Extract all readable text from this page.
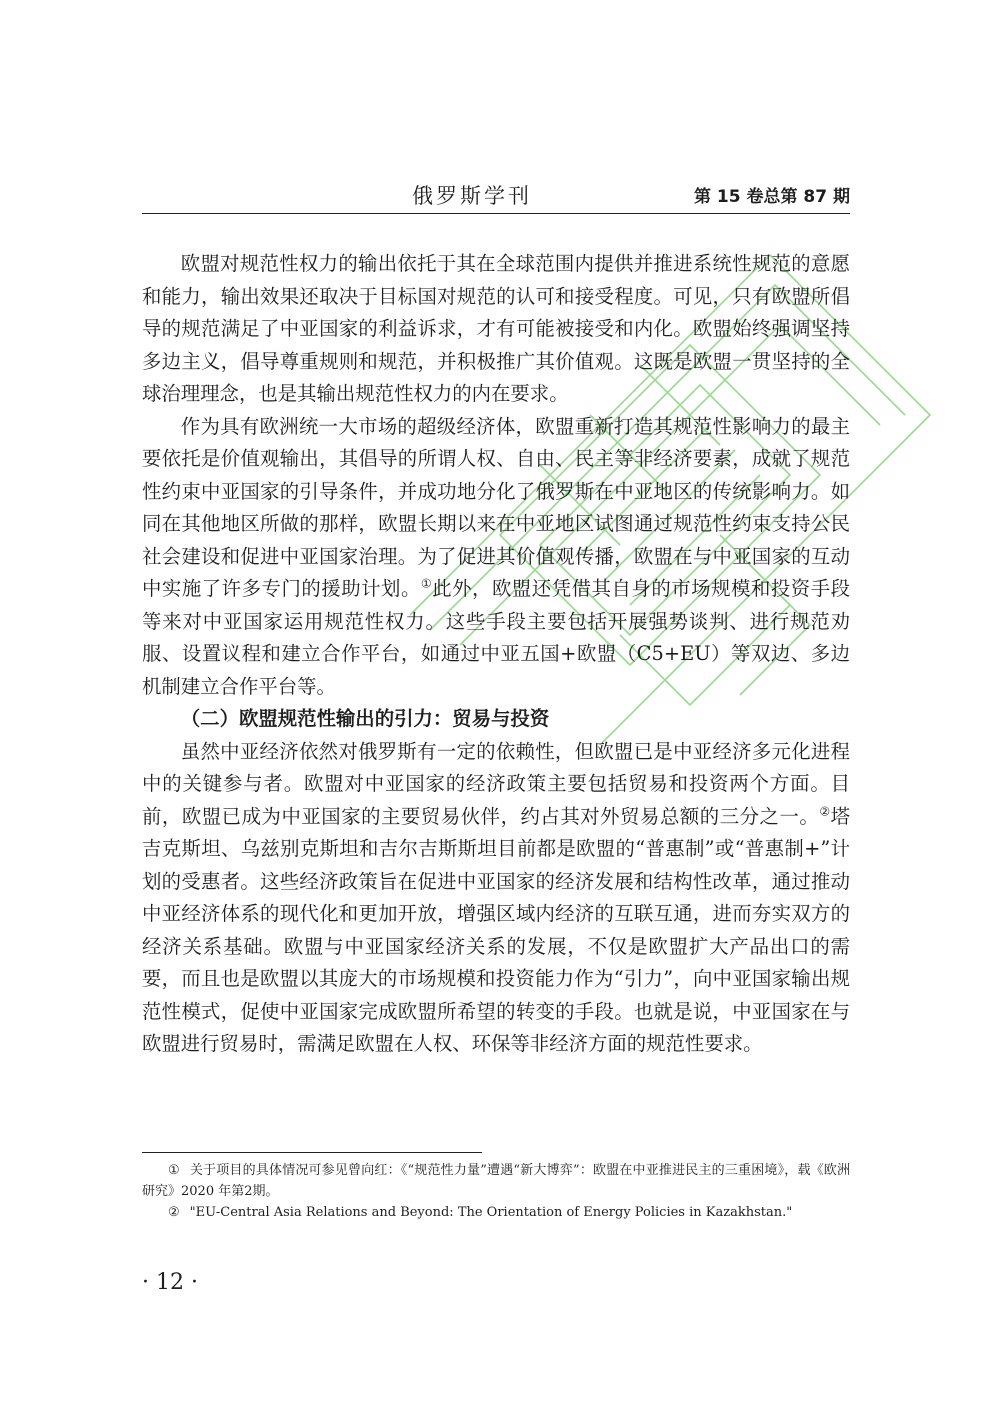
俄罗斯学刊	第 15 卷总第 87 期

欧盟对规范性权力的输出依托于其在全球范围内提供并推进系统性规范的意愿和能力，输出效果还取决于目标国对规范的认可和接受程度。可见，只有欧盟所倡导的规范满足了中亚国家的利益诉求，才有可能被接受和内化。欧盟始终强调坚持多边主义，倡导尊重规则和规范，并积极推广其价值观。这既是欧盟一贯坚持的全球治理理念，也是其输出规范性权力的内在要求。

作为具有欧洲统一大市场的超级经济体，欧盟重新打造其规范性影响力的最主要依托是价值观输出，其倡导的所谓人权、自由、民主等非经济要素，成就了规范性约束中亚国家的引导条件，并成功地分化了俄罗斯在中亚地区的传统影响力。如同在其他地区所做的那样，欧盟长期以来在中亚地区试图通过规范性约束支持公民社会建设和促进中亚国家治理。为了促进其价值观传播，欧盟在与中亚国家的互动中实施了许多专门的援助计划。①此外，欧盟还凭借其自身的市场规模和投资手段等来对中亚国家运用规范性权力。这些手段主要包括开展强势谈判、进行规范劝服、设置议程和建立合作平台，如通过中亚五国+欧盟（C5+EU）等双边、多边机制建立合作平台等。

（二）欧盟规范性输出的引力：贸易与投资

虽然中亚经济依然对俄罗斯有一定的依赖性，但欧盟已是中亚经济多元化进程中的关键参与者。欧盟对中亚国家的经济政策主要包括贸易和投资两个方面。目前，欧盟已成为中亚国家的主要贸易伙伴，约占其对外贸易总额的三分之一。②塔吉克斯坦、乌兹别克斯坦和吉尔吉斯斯坦目前都是欧盟的“普惠制”或“普惠制+”计划的受惠者。这些经济政策旨在促进中亚国家的经济发展和结构性改革，通过推动中亚经济体系的现代化和更加开放，增强区域内经济的互联互通，进而夯实双方的经济关系基础。欧盟与中亚国家经济关系的发展，不仅是欧盟扩大产品出口的需要，而且也是欧盟以其庞大的市场规模和投资能力作为“引力”，向中亚国家输出规范性模式，促使中亚国家完成欧盟所希望的转变的手段。也就是说，中亚国家在与欧盟进行贸易时，需满足欧盟在人权、环保等非经济方面的规范性要求。

① 关于项目的具体情况可参见曾向红：《“规范性力量”遭遇“新大博弈”：欧盟在中亚推进民主的三重困境》，载《欧洲研究》2020 年第2期。

② "EU-Central Asia Relations and Beyond: The Orientation of Energy Policies in Kazakhstan."

· 12 ·
